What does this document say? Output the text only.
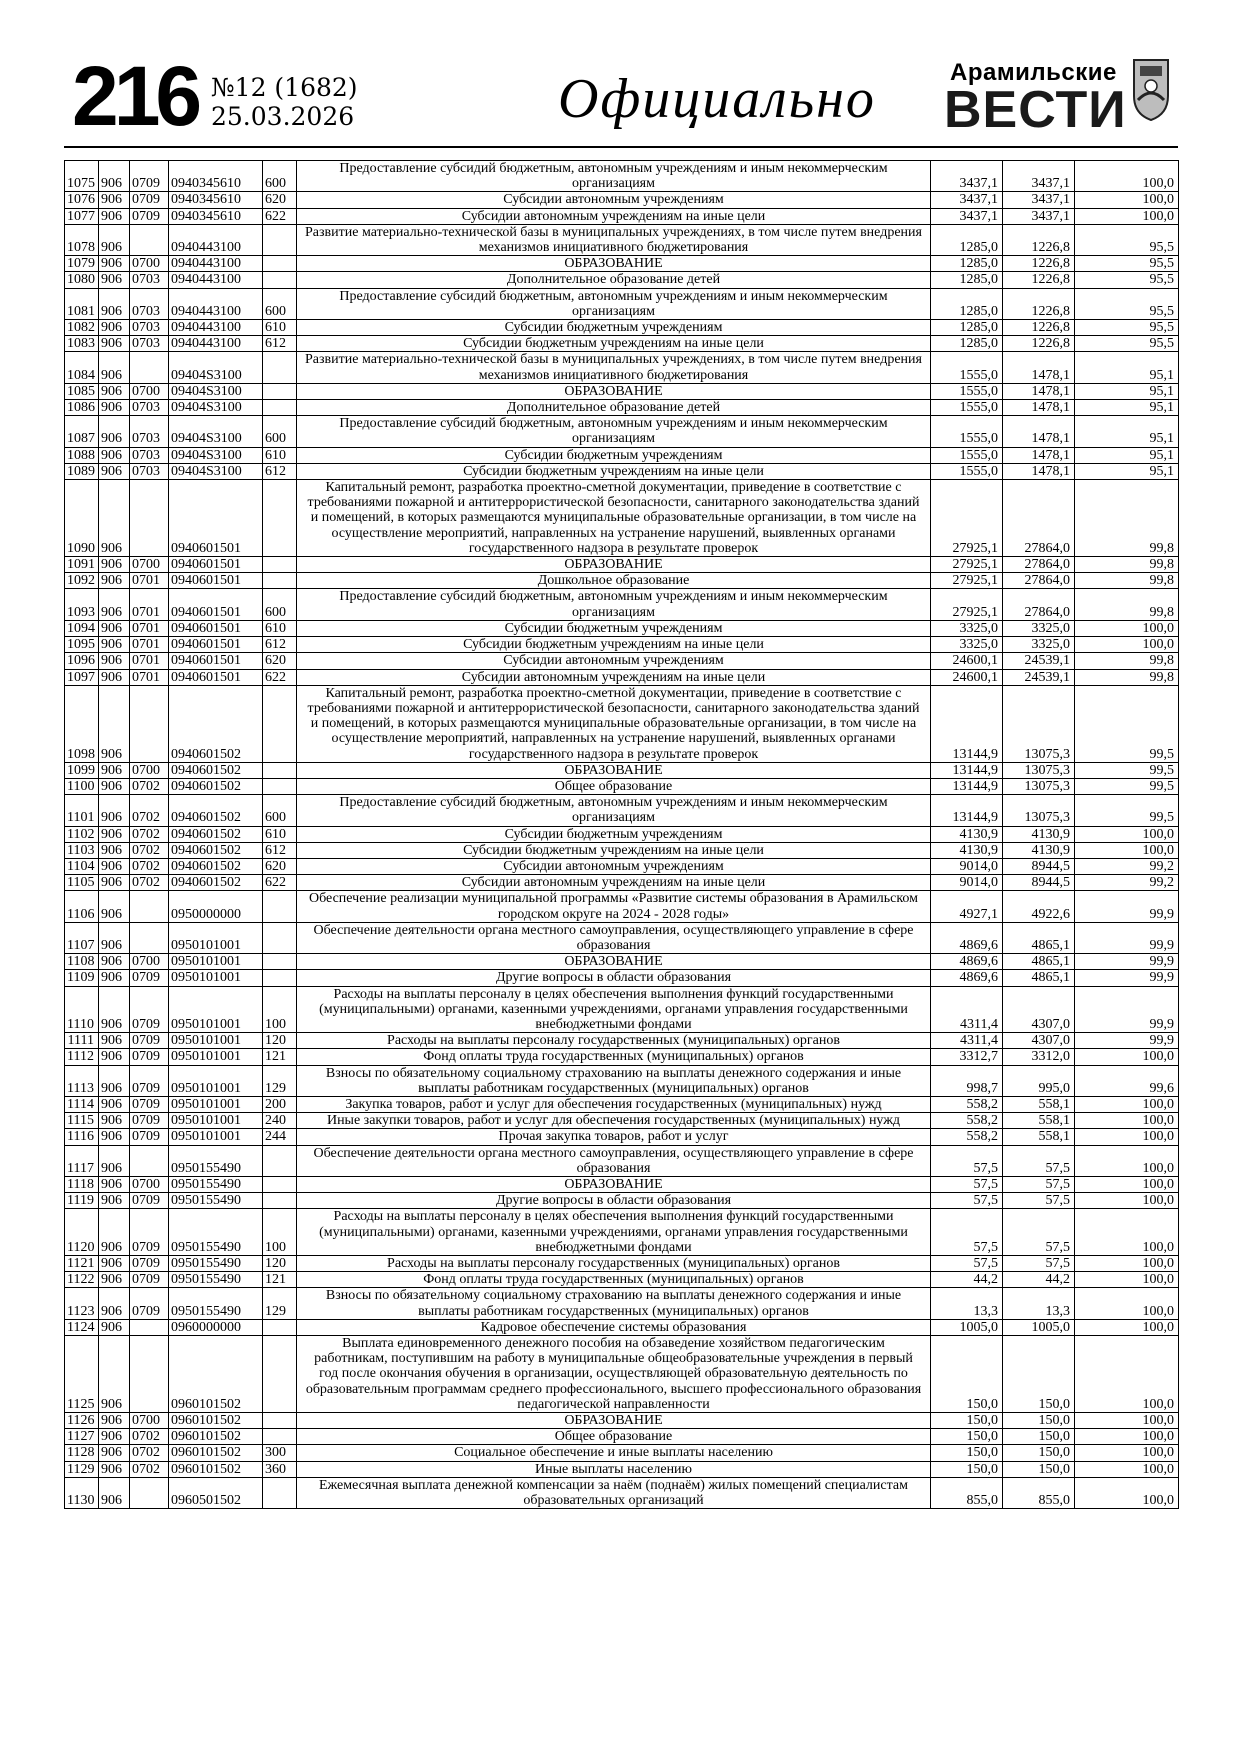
216 №12 (1682)
25.03.2026	Официально	Арамильские
ВЕСТИ
1075	906	0709	0940345610	600	Предоставление субсидий бюджетным, автономным учреждениям и иным некоммерческим организациям	3437,1	3437,1	100,0
1076	906	0709	0940345610	620	Субсидии автономным учреждениям	3437,1	3437,1	100,0
1077	906	0709	0940345610	622	Субсидии автономным учреждениям на иные цели	3437,1	3437,1	100,0
1078	906		0940443100		Развитие материально-технической базы в муниципальных учреждениях, в том числе путем внедрения механизмов инициативного бюджетирования	1285,0	1226,8	95,5
1079	906	0700	0940443100		ОБРАЗОВАНИЕ	1285,0	1226,8	95,5
1080	906	0703	0940443100		Дополнительное образование детей	1285,0	1226,8	95,5
1081	906	0703	0940443100	600	Предоставление субсидий бюджетным, автономным учреждениям и иным некоммерческим организациям	1285,0	1226,8	95,5
1082	906	0703	0940443100	610	Субсидии бюджетным учреждениям	1285,0	1226,8	95,5
1083	906	0703	0940443100	612	Субсидии бюджетным учреждениям на иные цели	1285,0	1226,8	95,5
1084	906		09404S3100		Развитие материально-технической базы в муниципальных учреждениях, в том числе путем внедрения механизмов инициативного бюджетирования	1555,0	1478,1	95,1
1085	906	0700	09404S3100		ОБРАЗОВАНИЕ	1555,0	1478,1	95,1
1086	906	0703	09404S3100		Дополнительное образование детей	1555,0	1478,1	95,1
1087	906	0703	09404S3100	600	Предоставление субсидий бюджетным, автономным учреждениям и иным некоммерческим организациям	1555,0	1478,1	95,1
1088	906	0703	09404S3100	610	Субсидии бюджетным учреждениям	1555,0	1478,1	95,1
1089	906	0703	09404S3100	612	Субсидии бюджетным учреждениям на иные цели	1555,0	1478,1	95,1
1090	906		0940601501		Капитальный ремонт, разработка проектно-сметной документации, приведение в соответствие с требованиями пожарной и антитеррористической безопасности, санитарного законодательства зданий и помещений, в которых размещаются муниципальные образовательные организации, в том числе на осуществление мероприятий, направленных на устранение нарушений, выявленных органами государственного надзора в результате проверок	27925,1	27864,0	99,8
1091	906	0700	0940601501		ОБРАЗОВАНИЕ	27925,1	27864,0	99,8
1092	906	0701	0940601501		Дошкольное образование	27925,1	27864,0	99,8
1093	906	0701	0940601501	600	Предоставление субсидий бюджетным, автономным учреждениям и иным некоммерческим организациям	27925,1	27864,0	99,8
1094	906	0701	0940601501	610	Субсидии бюджетным учреждениям	3325,0	3325,0	100,0
1095	906	0701	0940601501	612	Субсидии бюджетным учреждениям на иные цели	3325,0	3325,0	100,0
1096	906	0701	0940601501	620	Субсидии автономным учреждениям	24600,1	24539,1	99,8
1097	906	0701	0940601501	622	Субсидии автономным учреждениям на иные цели	24600,1	24539,1	99,8
1098	906		0940601502		Капитальный ремонт, разработка проектно-сметной документации, приведение в соответствие с требованиями пожарной и антитеррористической безопасности, санитарного законодательства зданий и помещений, в которых размещаются муниципальные образовательные организации, в том числе на осуществление мероприятий, направленных на устранение нарушений, выявленных органами государственного надзора в результате проверок	13144,9	13075,3	99,5
1099	906	0700	0940601502		ОБРАЗОВАНИЕ	13144,9	13075,3	99,5
1100	906	0702	0940601502		Общее образование	13144,9	13075,3	99,5
1101	906	0702	0940601502	600	Предоставление субсидий бюджетным, автономным учреждениям и иным некоммерческим организациям	13144,9	13075,3	99,5
1102	906	0702	0940601502	610	Субсидии бюджетным учреждениям	4130,9	4130,9	100,0
1103	906	0702	0940601502	612	Субсидии бюджетным учреждениям на иные цели	4130,9	4130,9	100,0
1104	906	0702	0940601502	620	Субсидии автономным учреждениям	9014,0	8944,5	99,2
1105	906	0702	0940601502	622	Субсидии автономным учреждениям на иные цели	9014,0	8944,5	99,2
1106	906		0950000000		Обеспечение реализации муниципальной программы «Развитие системы образования в Арамильском городском округе на 2024 - 2028 годы»	4927,1	4922,6	99,9
1107	906		0950101001		Обеспечение деятельности органа местного самоуправления, осуществляющего управление в сфере образования	4869,6	4865,1	99,9
1108	906	0700	0950101001		ОБРАЗОВАНИЕ	4869,6	4865,1	99,9
1109	906	0709	0950101001		Другие вопросы в области образования	4869,6	4865,1	99,9
1110	906	0709	0950101001	100	Расходы на выплаты персоналу в целях обеспечения выполнения функций государственными (муниципальными) органами, казенными учреждениями, органами управления государственными внебюджетными фондами	4311,4	4307,0	99,9
1111	906	0709	0950101001	120	Расходы на выплаты персоналу государственных (муниципальных) органов	4311,4	4307,0	99,9
1112	906	0709	0950101001	121	Фонд оплаты труда государственных (муниципальных) органов	3312,7	3312,0	100,0
1113	906	0709	0950101001	129	Взносы по обязательному социальному страхованию на выплаты денежного содержания и иные выплаты работникам государственных (муниципальных) органов	998,7	995,0	99,6
1114	906	0709	0950101001	200	Закупка товаров, работ и услуг для обеспечения государственных (муниципальных) нужд	558,2	558,1	100,0
1115	906	0709	0950101001	240	Иные закупки товаров, работ и услуг для обеспечения государственных (муниципальных) нужд	558,2	558,1	100,0
1116	906	0709	0950101001	244	Прочая закупка товаров, работ и услуг	558,2	558,1	100,0
1117	906		0950155490		Обеспечение деятельности органа местного самоуправления, осуществляющего управление в сфере образования	57,5	57,5	100,0
1118	906	0700	0950155490		ОБРАЗОВАНИЕ	57,5	57,5	100,0
1119	906	0709	0950155490		Другие вопросы в области образования	57,5	57,5	100,0
1120	906	0709	0950155490	100	Расходы на выплаты персоналу в целях обеспечения выполнения функций государственными (муниципальными) органами, казенными учреждениями, органами управления государственными внебюджетными фондами	57,5	57,5	100,0
1121	906	0709	0950155490	120	Расходы на выплаты персоналу государственных (муниципальных) органов	57,5	57,5	100,0
1122	906	0709	0950155490	121	Фонд оплаты труда государственных (муниципальных) органов	44,2	44,2	100,0
1123	906	0709	0950155490	129	Взносы по обязательному социальному страхованию на выплаты денежного содержания и иные выплаты работникам государственных (муниципальных) органов	13,3	13,3	100,0
1124	906		0960000000		Кадровое обеспечение системы образования	1005,0	1005,0	100,0
1125	906		0960101502		Выплата единовременного денежного пособия на обзаведение хозяйством педагогическим работникам, поступившим на работу в муниципальные общеобразовательные учреждения в первый год после окончания обучения в организации, осуществляющей образовательную деятельность по образовательным программам среднего профессионального, высшего профессионального образования педагогической направленности	150,0	150,0	100,0
1126	906	0700	0960101502		ОБРАЗОВАНИЕ	150,0	150,0	100,0
1127	906	0702	0960101502		Общее образование	150,0	150,0	100,0
1128	906	0702	0960101502	300	Социальное обеспечение и иные выплаты населению	150,0	150,0	100,0
1129	906	0702	0960101502	360	Иные выплаты населению	150,0	150,0	100,0
1130	906		0960501502		Ежемесячная выплата денежной компенсации за наём (поднаём) жилых помещений специалистам образовательных организаций	855,0	855,0	100,0
